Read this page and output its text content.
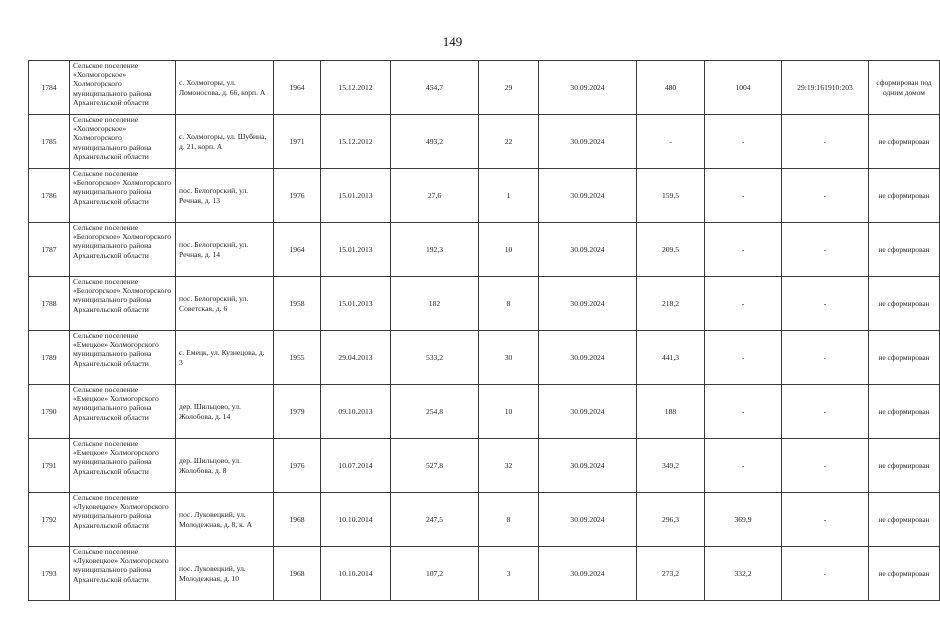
149
1784	Сельское поселение «Холмогорское» Холмогорского муниципального района Архангельской области	с. Холмогоры, ул. Ломоносова, д. 66, корп. А	1964	15.12.2012	454,7	29	30.09.2024	480	1004	29:19:161910:203	сформирован под одним домом
1785	Сельское поселение «Холмогорское» Холмогорского муниципального района Архангельской области	с. Холмогоры, ул. Шубина, д. 21, корп. А	1971	15.12.2012	493,2	22	30.09.2024	-	-	-	не сформирован
1786	Сельское поселение «Белогорское» Холмогорского муниципального района Архангельской области	пос. Белогорский, ул. Речная, д. 13	1976	15.01.2013	27,6	1	30.09.2024	159,5	-	-	не сформирован
1787	Сельское поселение «Белогорское» Холмогорского муниципального района Архангельской области	пос. Белогорский, ул. Речная, д. 14	1964	15.01.2013	192,3	10	30.09.2024	209,5	-	-	не сформирован
1788	Сельское поселение «Белогорское» Холмогорского муниципального района Архангельской области	пос. Белогорский, ул. Советская, д. 6	1958	15.01.2013	182	8	30.09.2024	218,2	-	-	не сформирован
1789	Сельское поселение «Емецкое» Холмогорского муниципального района Архангельской области	с. Емецк, ул. Кузнецова, д. 3	1955	29.04.2013	533,2	30	30.09.2024	441,3	-	-	не сформирован
1790	Сельское поселение «Емецкое» Холмогорского муниципального района Архангельской области	дер. Шильцово, ул. Жолобова, д. 14	1979	09.10.2013	254,8	10	30.09.2024	188	-	-	не сформирован
1791	Сельское поселение «Емецкое» Холмогорского муниципального района Архангельской области	дер. Шильцово, ул. Жолобова, д. 8	1976	10.07.2014	527,8	32	30.09.2024	349,2	-	-	не сформирован
1792	Сельское поселение «Луковецкое» Холмогорского муниципального района Архангельской области	пос. Луковецкий, ул. Молодежная, д. 8, к. А	1968	10.10.2014	247,5	8	30.09.2024	296,3	369,9	-	не сформирован
1793	Сельское поселение «Луковецкое» Холмогорского муниципального района Архангельской области	пос. Луковецкий, ул. Молодежная, д. 10	1968	10.10.2014	107,2	3	30.09.2024	273,2	332,2	-	не сформирован
